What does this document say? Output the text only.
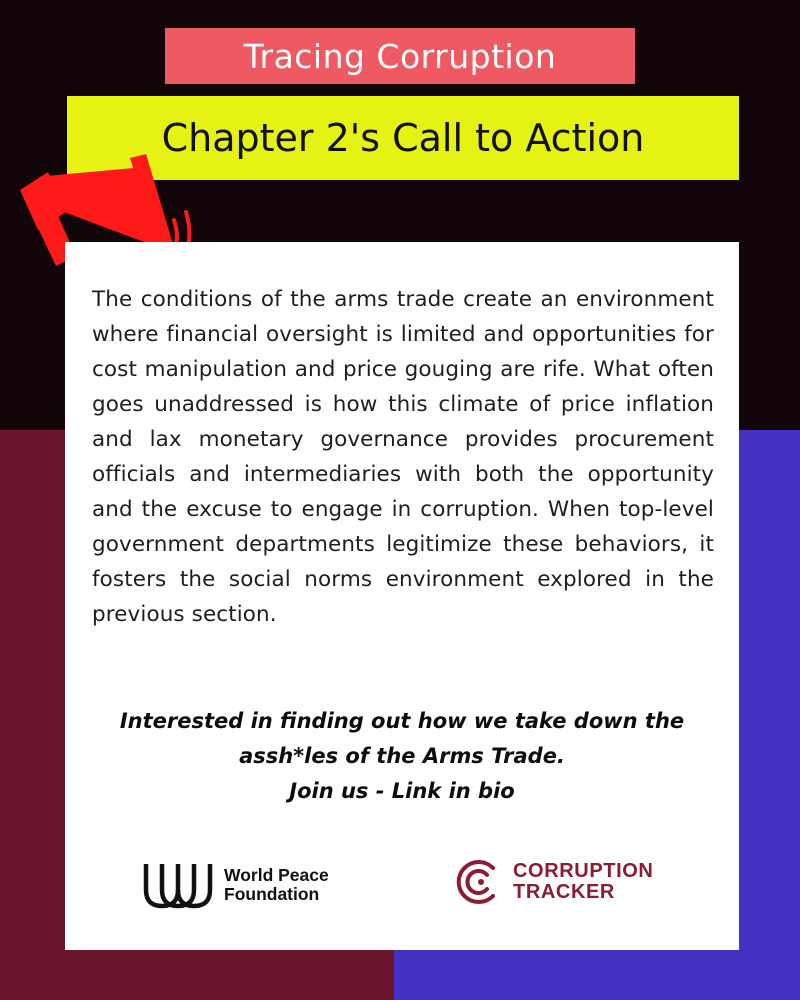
Tracing Corruption
Chapter 2's Call to Action

The conditions of the arms trade create an environment where financial oversight is limited and opportunities for cost manipulation and price gouging are rife. What often goes unaddressed is how this climate of price inflation and lax monetary governance provides procurement officials and intermediaries with both the opportunity and the excuse to engage in corruption. When top-level government departments legitimize these behaviors, it fosters the social norms environment explored in the previous section.

Interested in finding out how we take down the
assh*les of the Arms Trade.
Join us - Link in bio
World Peace
Foundation
CORRUPTION
TRACKER
